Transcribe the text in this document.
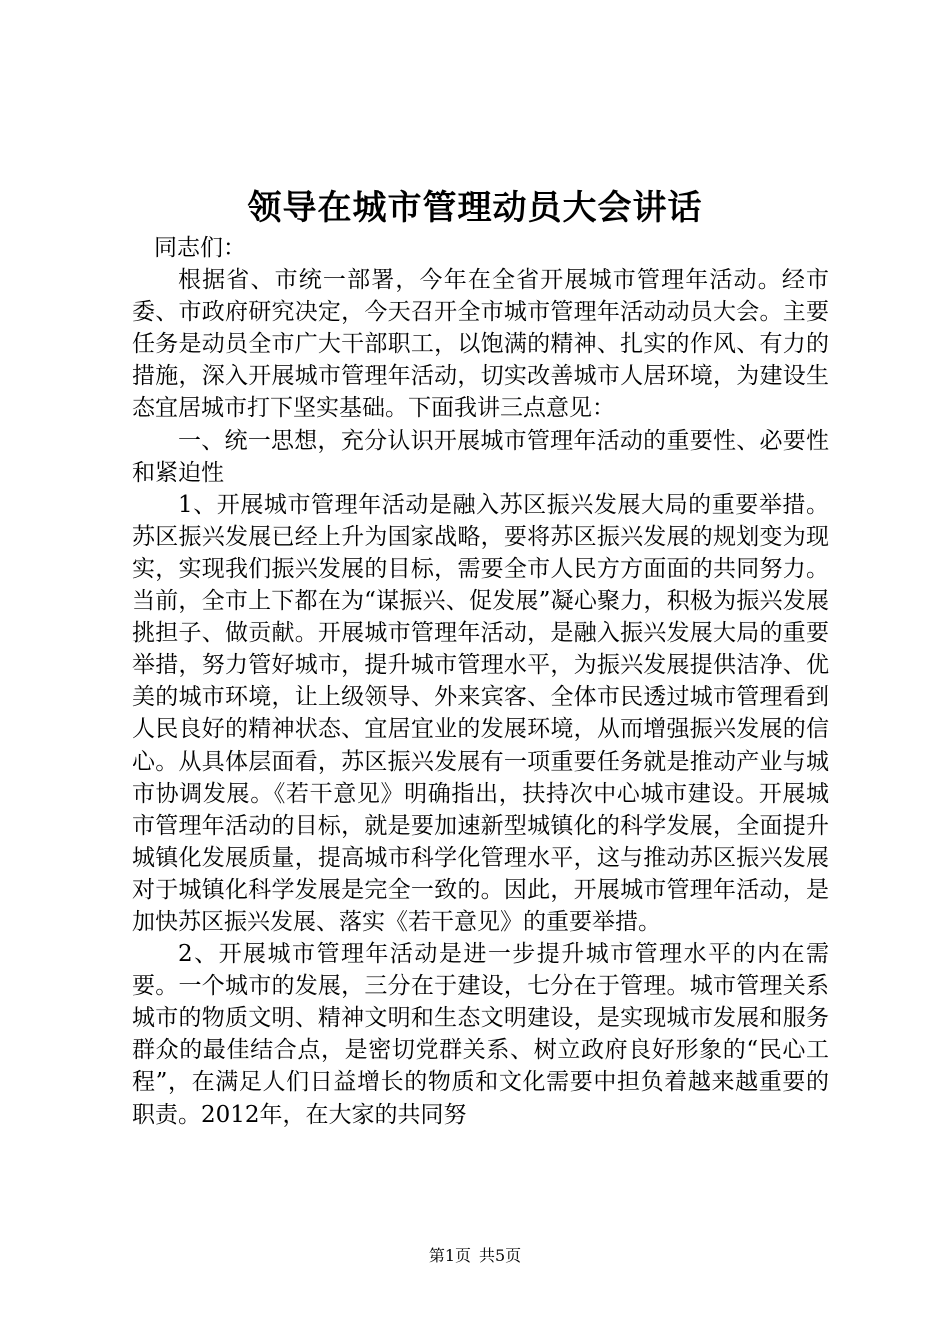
领导在城市管理动员大会讲话

同志们：

根据省、市统一部署，今年在全省开展城市管理年活动。经市委、市政府研究决定，今天召开全市城市管理年活动动员大会。主要任务是动员全市广大干部职工，以饱满的精神、扎实的作风、有力的措施，深入开展城市管理年活动，切实改善城市人居环境，为建设生态宜居城市打下坚实基础。下面我讲三点意见：

一、统一思想，充分认识开展城市管理年活动的重要性、必要性和紧迫性

1、开展城市管理年活动是融入苏区振兴发展大局的重要举措。苏区振兴发展已经上升为国家战略，要将苏区振兴发展的规划变为现实，实现我们振兴发展的目标，需要全市人民方方面面的共同努力。当前，全市上下都在为“谋振兴、促发展”凝心聚力，积极为振兴发展挑担子、做贡献。开展城市管理年活动，是融入振兴发展大局的重要举措，努力管好城市，提升城市管理水平，为振兴发展提供洁净、优美的城市环境，让上级领导、外来宾客、全体市民透过城市管理看到人民良好的精神状态、宜居宜业的发展环境，从而增强振兴发展的信心。从具体层面看，苏区振兴发展有一项重要任务就是推动产业与城市协调发展。《若干意见》明确指出，扶持次中心城市建设。开展城市管理年活动的目标，就是要加速新型城镇化的科学发展，全面提升城镇化发展质量，提高城市科学化管理水平，这与推动苏区振兴发展对于城镇化科学发展是完全一致的。因此，开展城市管理年活动，是加快苏区振兴发展、落实《若干意见》的重要举措。

2、开展城市管理年活动是进一步提升城市管理水平的内在需要。一个城市的发展，三分在于建设，七分在于管理。城市管理关系城市的物质文明、精神文明和生态文明建设，是实现城市发展和服务群众的最佳结合点，是密切党群关系、树立政府良好形象的“民心工程”，在满足人们日益增长的物质和文化需要中担负着越来越重要的职责。2012年，在大家的共同努

第1页 共5页
